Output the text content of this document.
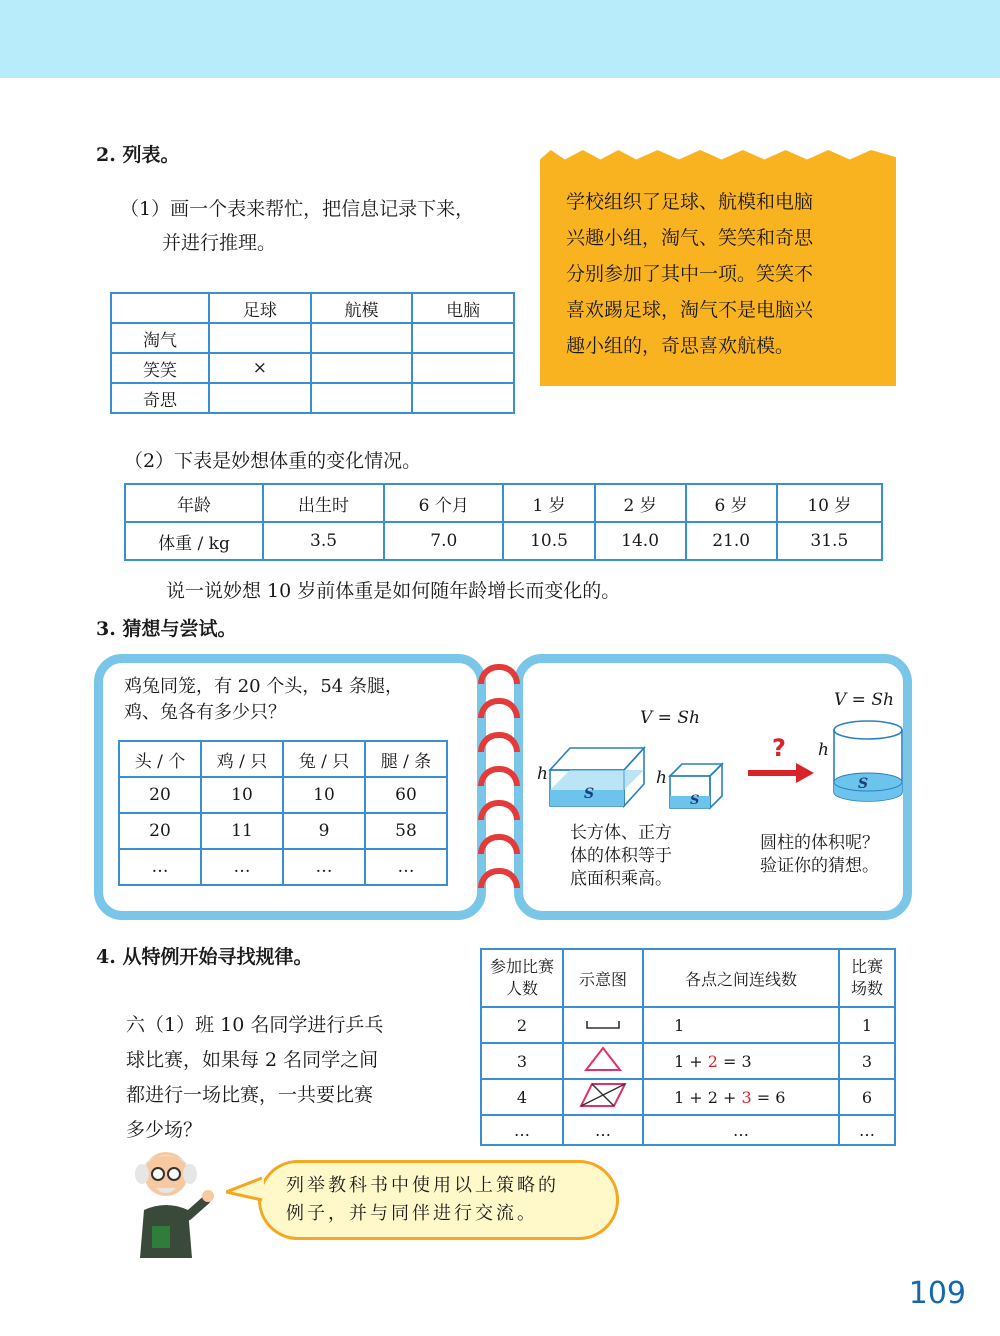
2. 列表。
（1）画一个表来帮忙，把信息记录下来，
并进行推理。
学校组织了足球、航模和电脑
兴趣小组，淘气、笑笑和奇思
分别参加了其中一项。笑笑不
喜欢踢足球，淘气不是电脑兴
趣小组的，奇思喜欢航模。
	足球	航模	电脑
淘气			
笑笑	×		
奇思			
（2）下表是妙想体重的变化情况。
年龄	出生时	6 个月	1 岁	2 岁	6 岁	10 岁
体重 / kg	3.5	7.0	10.5	14.0	21.0	31.5
说一说妙想 10 岁前体重是如何随年龄增长而变化的。
3. 猜想与尝试。
鸡兔同笼，有 20 个头，54 条腿，
鸡、兔各有多少只？
头 / 个	鸡 / 只	兔 / 只	腿 / 条
20	10	10	60
20	11	9	58
…	…	…	…
V = Sh
V = Sh
h
S
h
S
? h
S
长方体、正方
体的体积等于
底面积乘高。
圆柱的体积呢？
验证你的猜想。
4. 从特例开始寻找规律。
六（1）班 10 名同学进行乒乓
球比赛，如果每 2 名同学之间
都进行一场比赛，一共要比赛
多少场？
参加比赛人数	示意图	各点之间连线数	比赛场数
2		1	1
3		1 + 2 = 3	3
4		1 + 2 + 3 = 6	6
…	…	…	…
列举教科书中使用以上策略的
例子，并与同伴进行交流。
109
